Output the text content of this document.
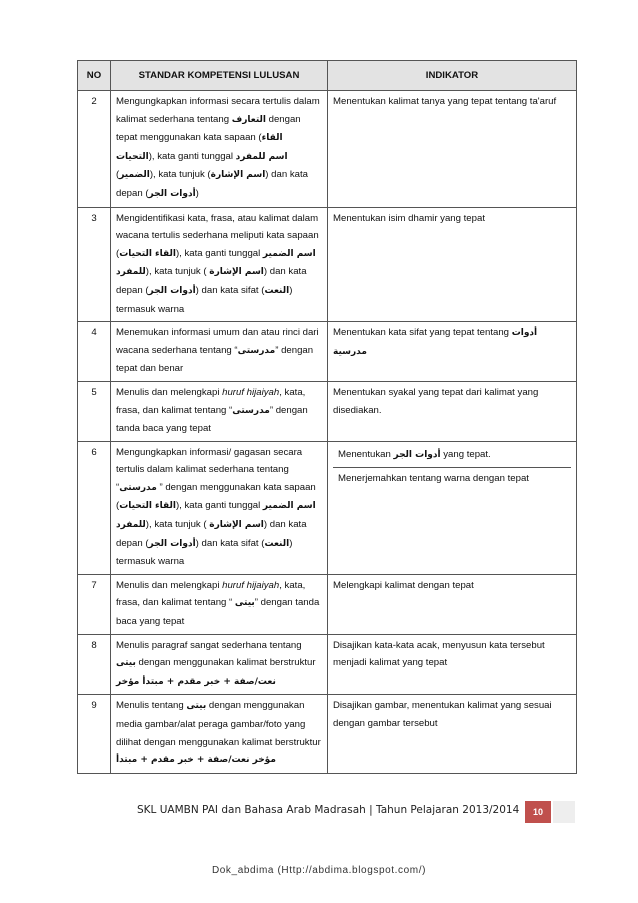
NO	STANDAR KOMPETENSI LULUSAN	INDIKATOR
2	Mengungkapkan informasi secara tertulis dalam kalimat sederhana tentang التعارف dengan tepat menggunakan kata sapaan (القاء التحيات), kata ganti tunggal اسم للمفرد (الضمير), kata tunjuk (اسم الإشارة) dan kata depan (أدوات الجر)	Menentukan kalimat tanya yang tepat tentang ta'aruf
3	Mengidentifikasi kata, frasa, atau kalimat dalam wacana tertulis sederhana meliputi kata sapaan (القاء التحيات), kata ganti tunggal اسم الضمير للمفرد), kata tunjuk ( اسم الإشارة) dan kata depan (أدوات الجر) dan kata sifat (النعت) termasuk warna	Menentukan isim dhamir yang tepat
4	Menemukan informasi umum dan atau rinci dari wacana sederhana tentang “مدرستى” dengan tepat dan benar	Menentukan kata sifat yang tepat tentang أدوات مدرسية
5	Menulis dan melengkapi huruf hijaiyah, kata, frasa, dan kalimat tentang “مدرستى” dengan tanda baca yang tepat	Menentukan syakal yang tepat dari kalimat yang disediakan.
6	Mengungkapkan informasi/ gagasan secara tertulis dalam kalimat sederhana tentang “مدرستى ” dengan menggunakan kata sapaan (القاء التحيات), kata ganti tunggal اسم الضمير للمفرد), kata tunjuk ( اسم الإشارة) dan kata depan (أدوات الجر) dan kata sifat (النعت) termasuk warna	Menentukan أدوات الجر yang tepat.
Menerjemahkan tentang warna dengan tepat

7	Menulis dan melengkapi huruf hijaiyah, kata, frasa, dan kalimat tentang “ بيتى” dengan tanda baca yang tepat	Melengkapi kalimat dengan tepat
8	Menulis paragraf sangat sederhana tentang بيتى dengan menggunakan kalimat berstruktur نعت/صفة + خبر مقدم + مبتدأ مؤخر	Disajikan kata-kata acak, menyusun kata tersebut menjadi kalimat yang tepat
9	Menulis tentang بيتى dengan menggunakan media gambar/alat peraga gambar/foto yang dilihat dengan menggunakan kalimat berstruktur مؤخر نعت/صفة + خبر مقدم + مبتدأ	Disajikan gambar, menentukan kalimat yang sesuai dengan gambar tersebut
SKL UAMBN PAI dan Bahasa Arab Madrasah | Tahun Pelajaran 2013/2014	10
Dok_abdima (Http://abdima.blogspot.com/)
